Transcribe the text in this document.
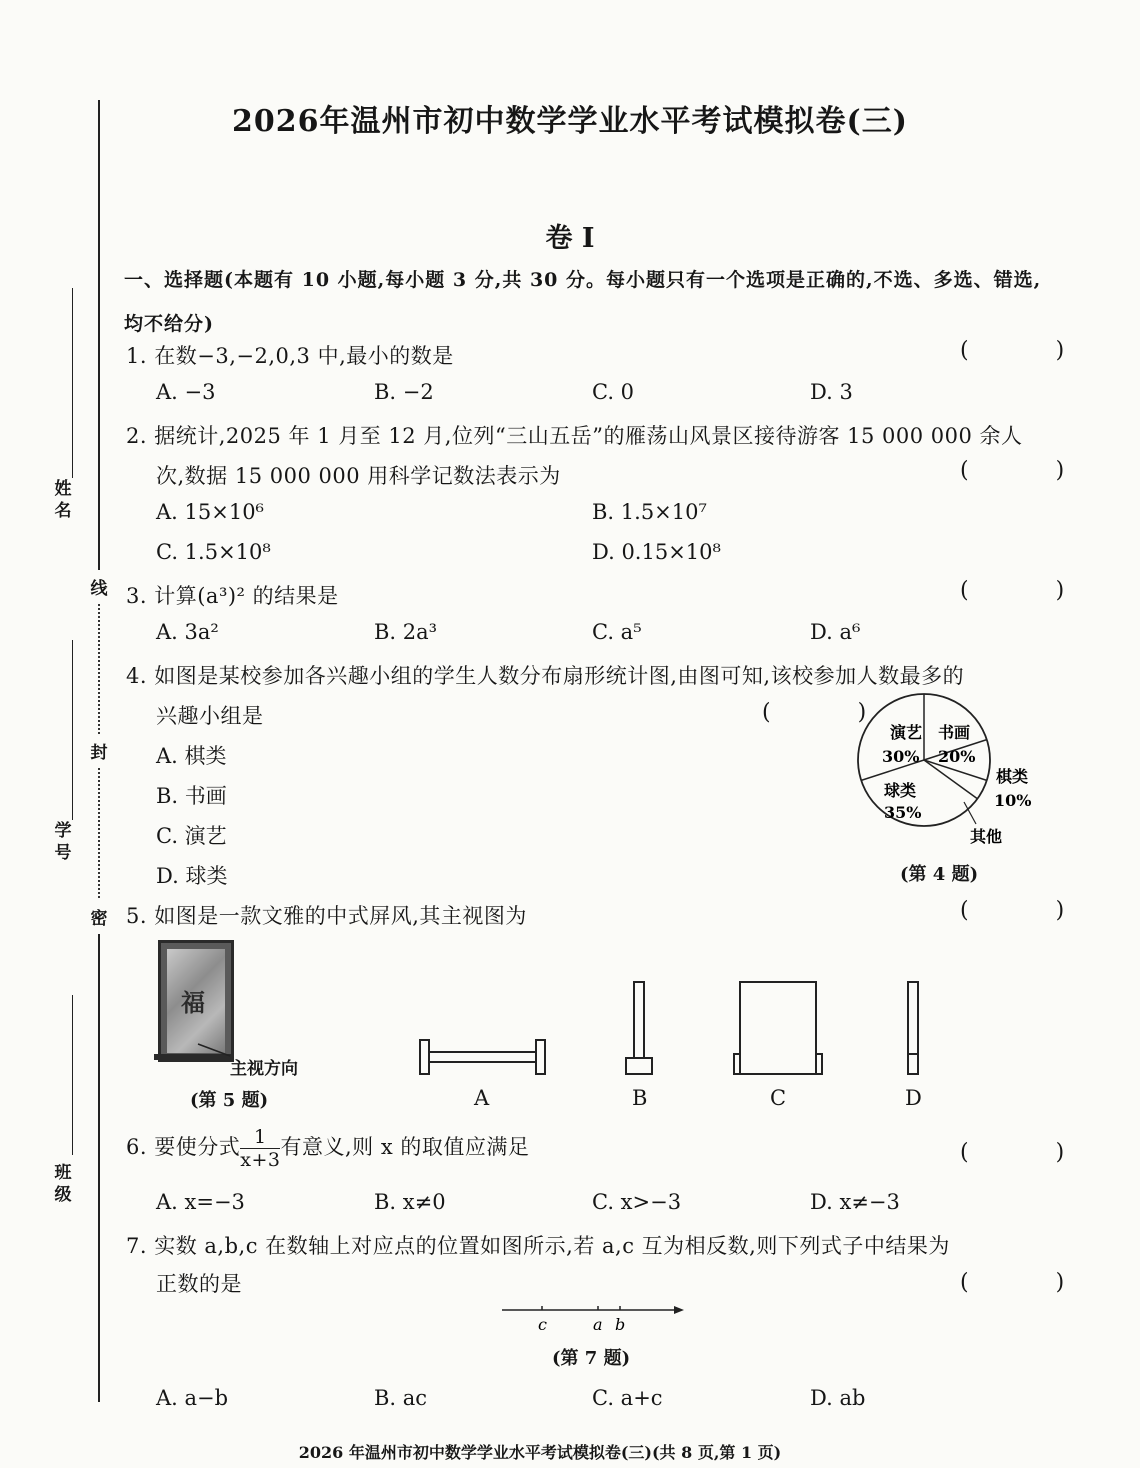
线
封
密
姓名
学号
班级
2026年温州市初中数学学业水平考试模拟卷(三)
卷 I
一、选择题(本题有 10 小题,每小题 3 分,共 30 分。每小题只有一个选项是正确的,不选、多选、错选,均不给分)
1. 在数−3,−2,0,3 中,最小的数是	( )
A. −3	B. −2	C. 0	D. 3
2. 据统计,2025 年 1 月至 12 月,位列“三山五岳”的雁荡山风景区接待游客 15 000 000 余人
次,数据 15 000 000 用科学记数法表示为	( )
A. 15×10⁶	B. 1.5×10⁷
C. 1.5×10⁸	D. 0.15×10⁸
3. 计算(a³)² 的结果是	( )
A. 3a²	B. 2a³	C. a⁵	D. a⁶
4. 如图是某校参加各兴趣小组的学生人数分布扇形统计图,由图可知,该校参加人数最多的
兴趣小组是	( )
A. 棋类
B. 书画
C. 演艺
D. 球类
演艺
30%
书画
20%
球类
35%
棋类
10%
其他
(第 4 题)
5. 如图是一款文雅的中式屏风,其主视图为	( )
福
主视方向
(第 5 题)	A	B	C	D
6. 要使分式 $\frac{1}{x+3}$ 有意义,则 x 的取值应满足	( )
A. x=−3	B. x≠0	C. x>−3	D. x≠−3
7. 实数 a,b,c 在数轴上对应点的位置如图所示,若 a,c 互为相反数,则下列式子中结果为
正数的是	( )
c	a b
(第 7 题)
A. a−b	B. ac	C. a+c	D. ab
2026 年温州市初中数学学业水平考试模拟卷(三)(共 8 页,第 1 页)
